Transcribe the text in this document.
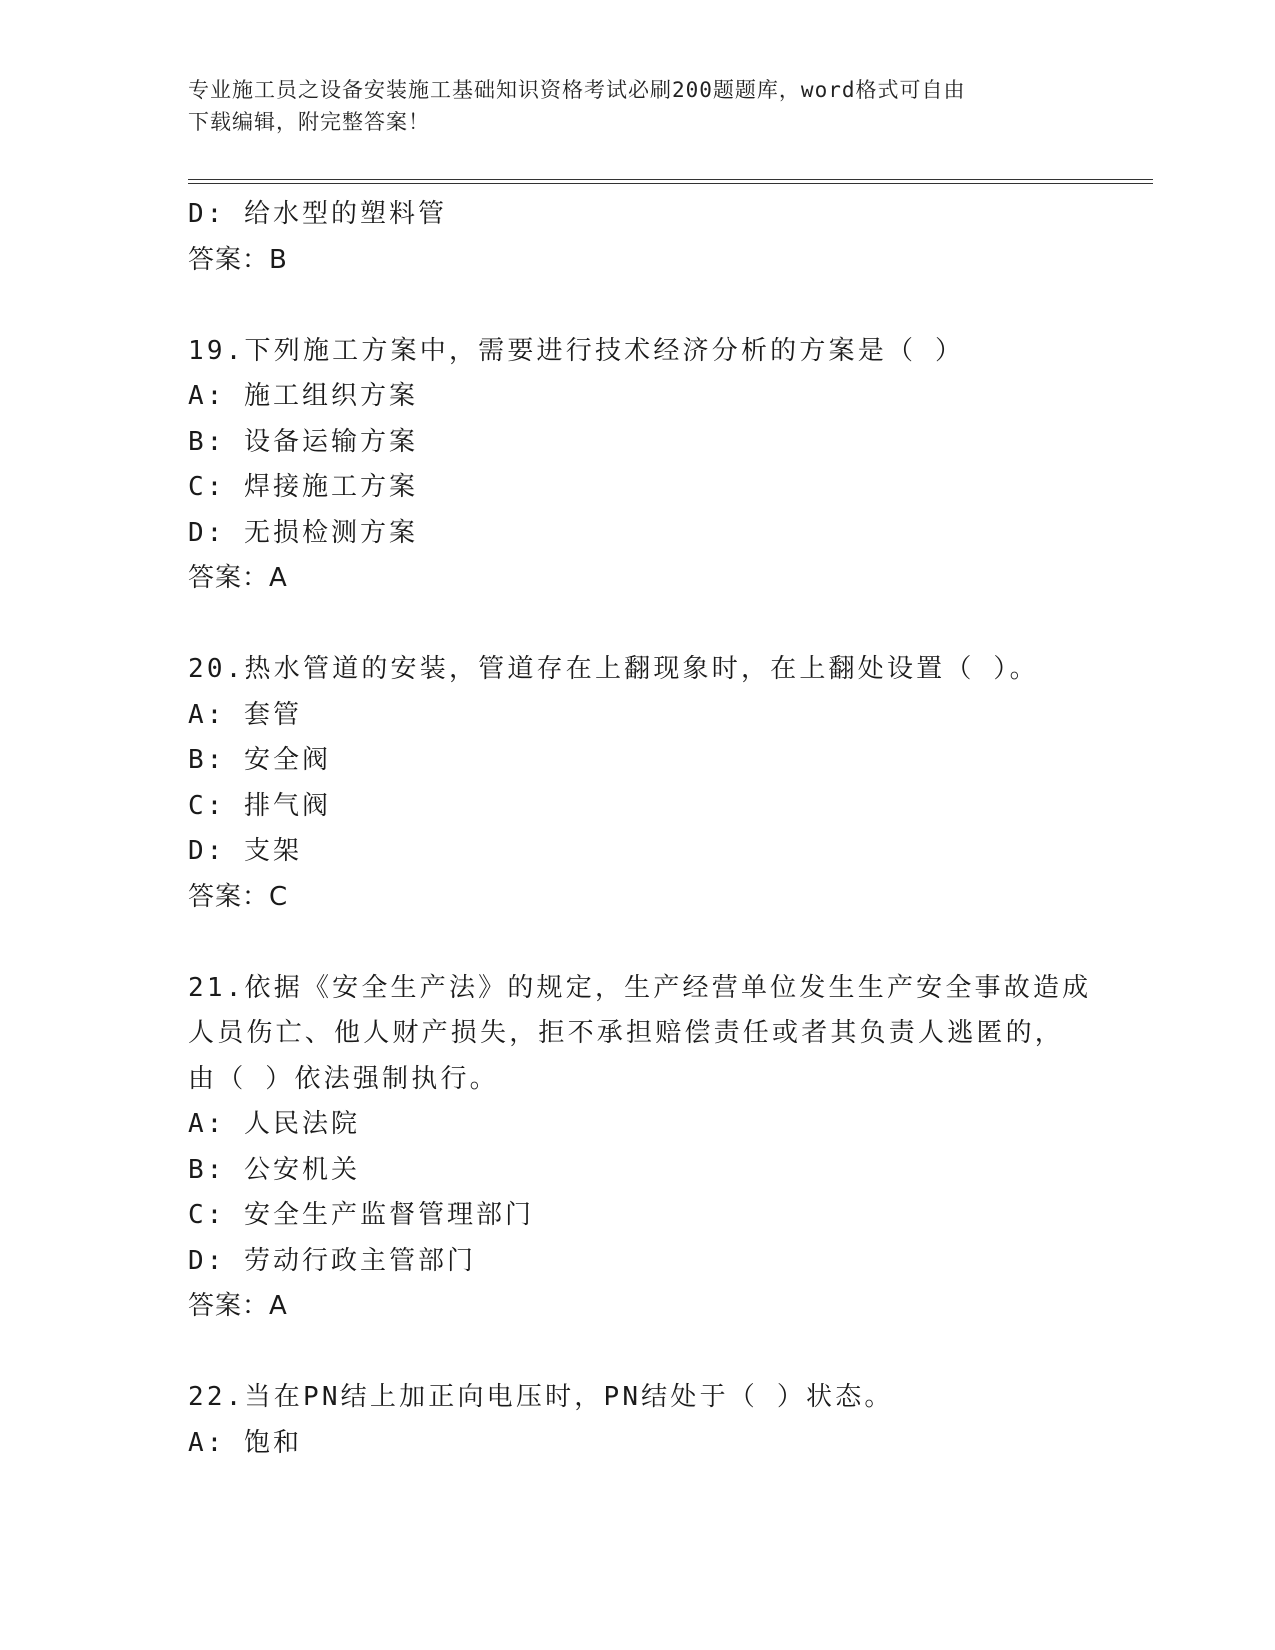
专业施工员之设备安装施工基础知识资格考试必刷200题题库，word格式可自由
下载编辑，附完整答案！
D: 给水型的塑料管
答案：B
19.下列施工方案中，需要进行技术经济分析的方案是（ ）
A: 施工组织方案
B: 设备运输方案
C: 焊接施工方案
D: 无损检测方案
答案：A
20.热水管道的安装，管道存在上翻现象时，在上翻处设置（ ）。
A: 套管
B: 安全阀
C: 排气阀
D: 支架
答案：C
21.依据《安全生产法》的规定，生产经营单位发生生产安全事故造成
人员伤亡、他人财产损失，拒不承担赔偿责任或者其负责人逃匿的，
由（ ）依法强制执行。
A: 人民法院
B: 公安机关
C: 安全生产监督管理部门
D: 劳动行政主管部门
答案：A
22.当在PN结上加正向电压时，PN结处于（ ）状态。
A: 饱和
